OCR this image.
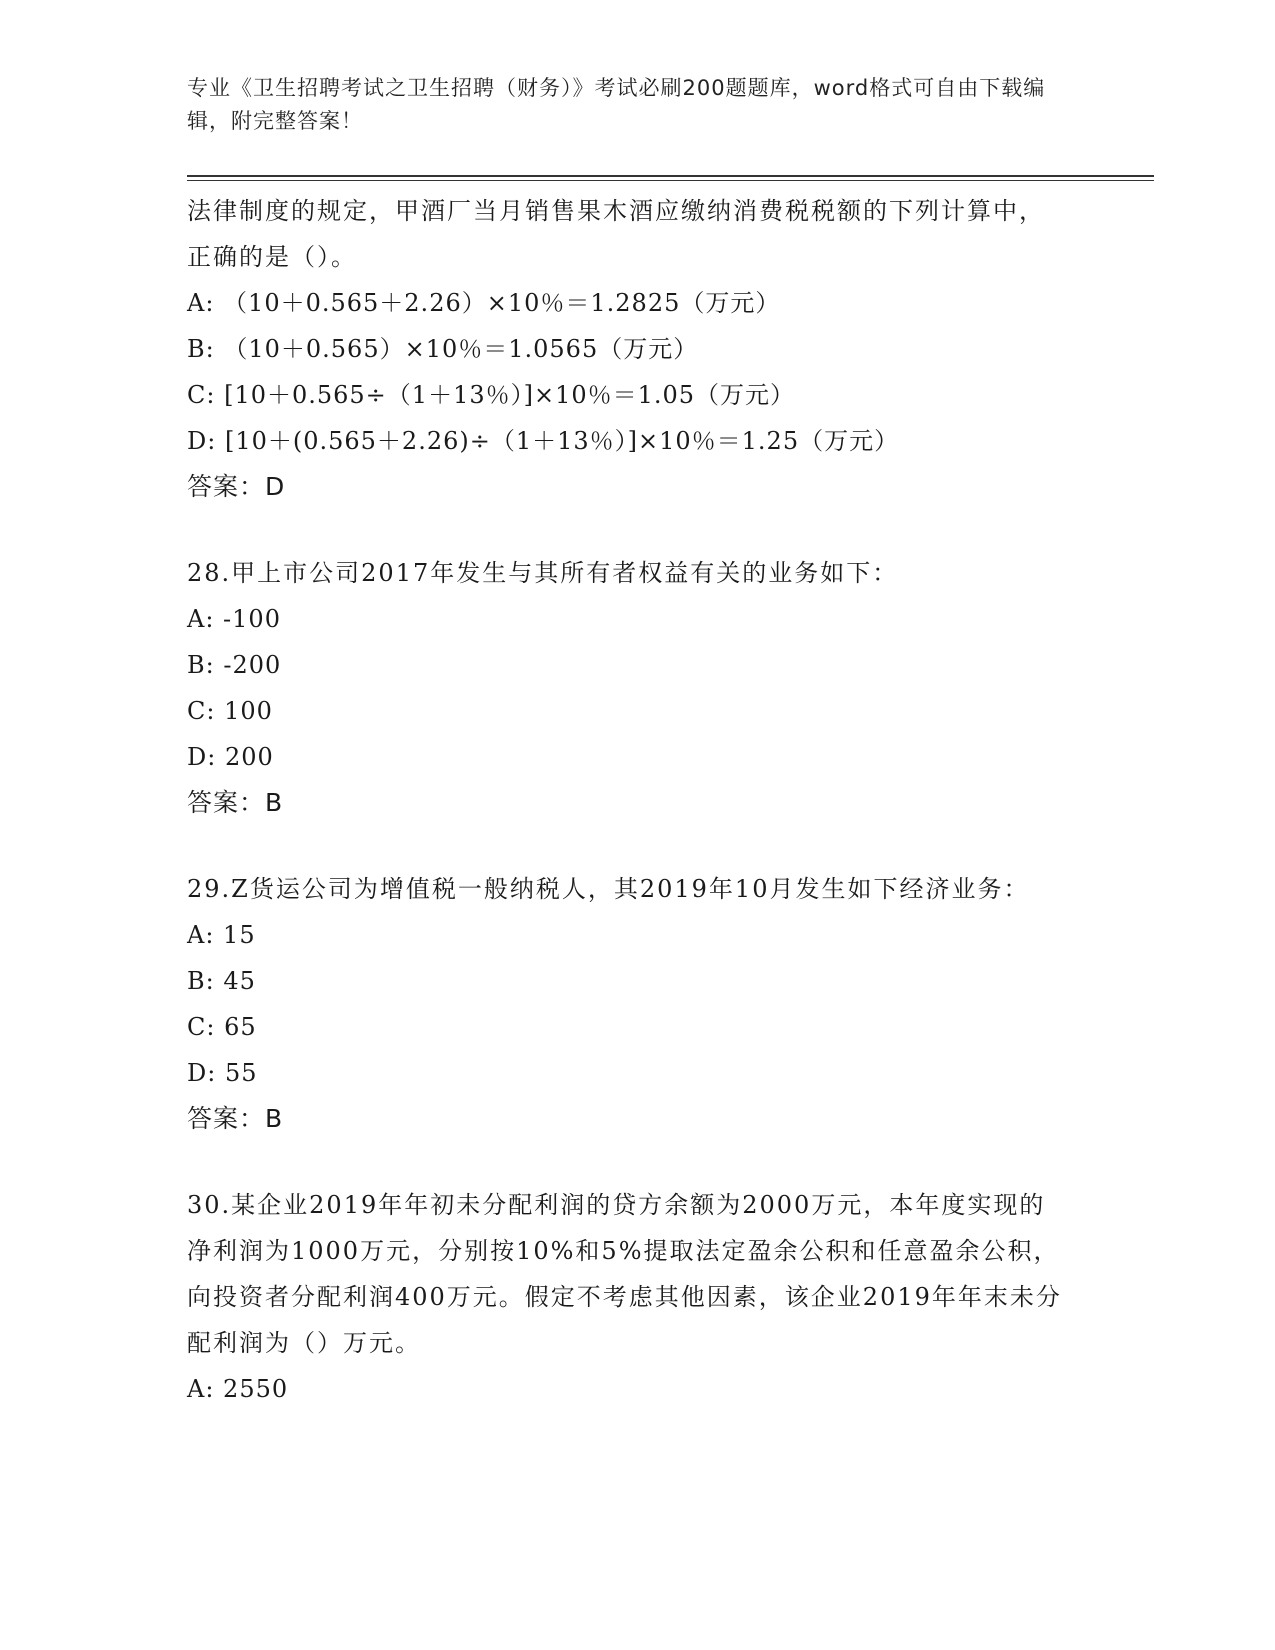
专业《卫生招聘考试之卫生招聘（财务）》考试必刷200题题库，word格式可自由下载编辑，附完整答案！

法律制度的规定，甲酒厂当月销售果木酒应缴纳消费税税额的下列计算中，正确的是（）。

A: （10＋0.565＋2.26）×10％＝1.2825（万元）
B: （10＋0.565）×10％＝1.0565（万元）
C: [10＋0.565÷（1＋13％）]×10％＝1.05（万元）
D: [10＋(0.565＋2.26)÷（1＋13％）]×10％＝1.25（万元）
答案：D

28.甲上市公司2017年发生与其所有者权益有关的业务如下：

A: -100
B: -200
C: 100
D: 200
答案：B

29.Z货运公司为增值税一般纳税人，其2019年10月发生如下经济业务：

A: 15
B: 45
C: 65
D: 55
答案：B

30.某企业2019年年初未分配利润的贷方余额为2000万元，本年度实现的净利润为1000万元，分别按10%和5%提取法定盈余公积和任意盈余公积，向投资者分配利润400万元。假定不考虑其他因素，该企业2019年年末未分配利润为（）万元。

A: 2550
